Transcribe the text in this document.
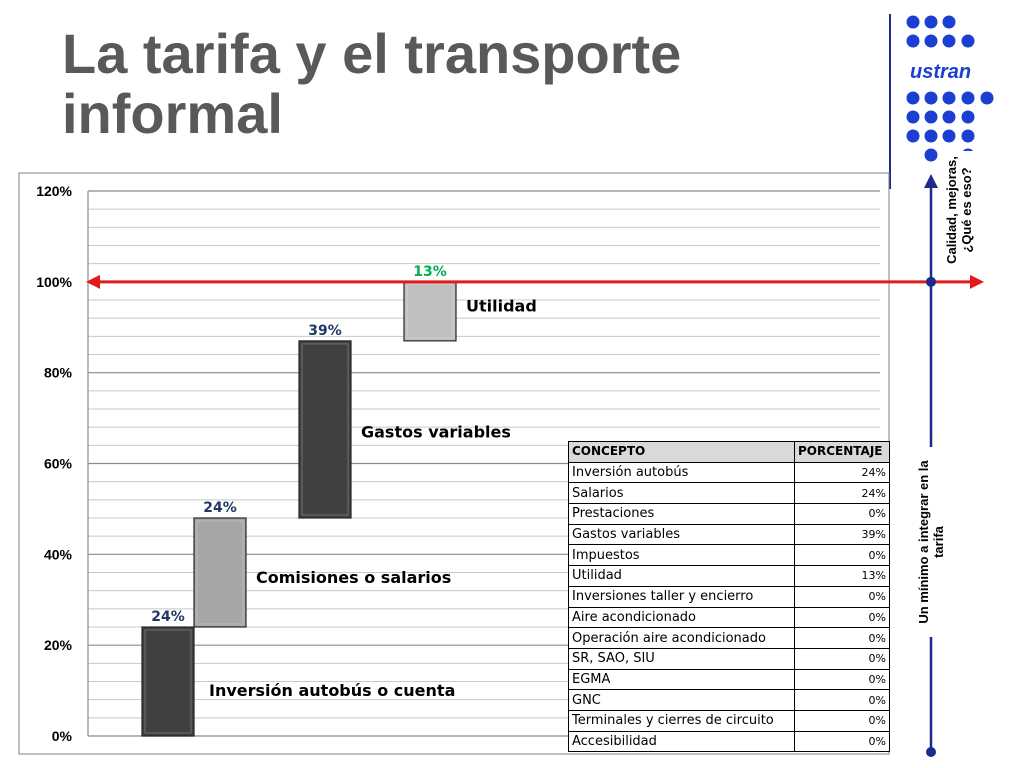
La tarifa y el transporte
informal
ustran
0%
20%
40%
60%
80%
100%
120%
24%
24%
39%
13%
Inversión autobús o cuenta
Comisiones o salarios
Gastos variables
Utilidad
CONCEPTO	PORCENTAJE
Inversión autobús	24%
Salarios	24%
Prestaciones	0%
Gastos variables	39%
Impuestos	0%
Utilidad	13%
Inversiones taller y encierro	0%
Aire acondicionado	0%
Operación aire acondicionado	0%
SR, SAO, SIU	0%
EGMA	0%
GNC	0%
Terminales y cierres de circuito	0%
Accesibilidad	0%
Calidad, mejoras, ¿Qué es eso?
Un mínimo a integrar en la tarifa
